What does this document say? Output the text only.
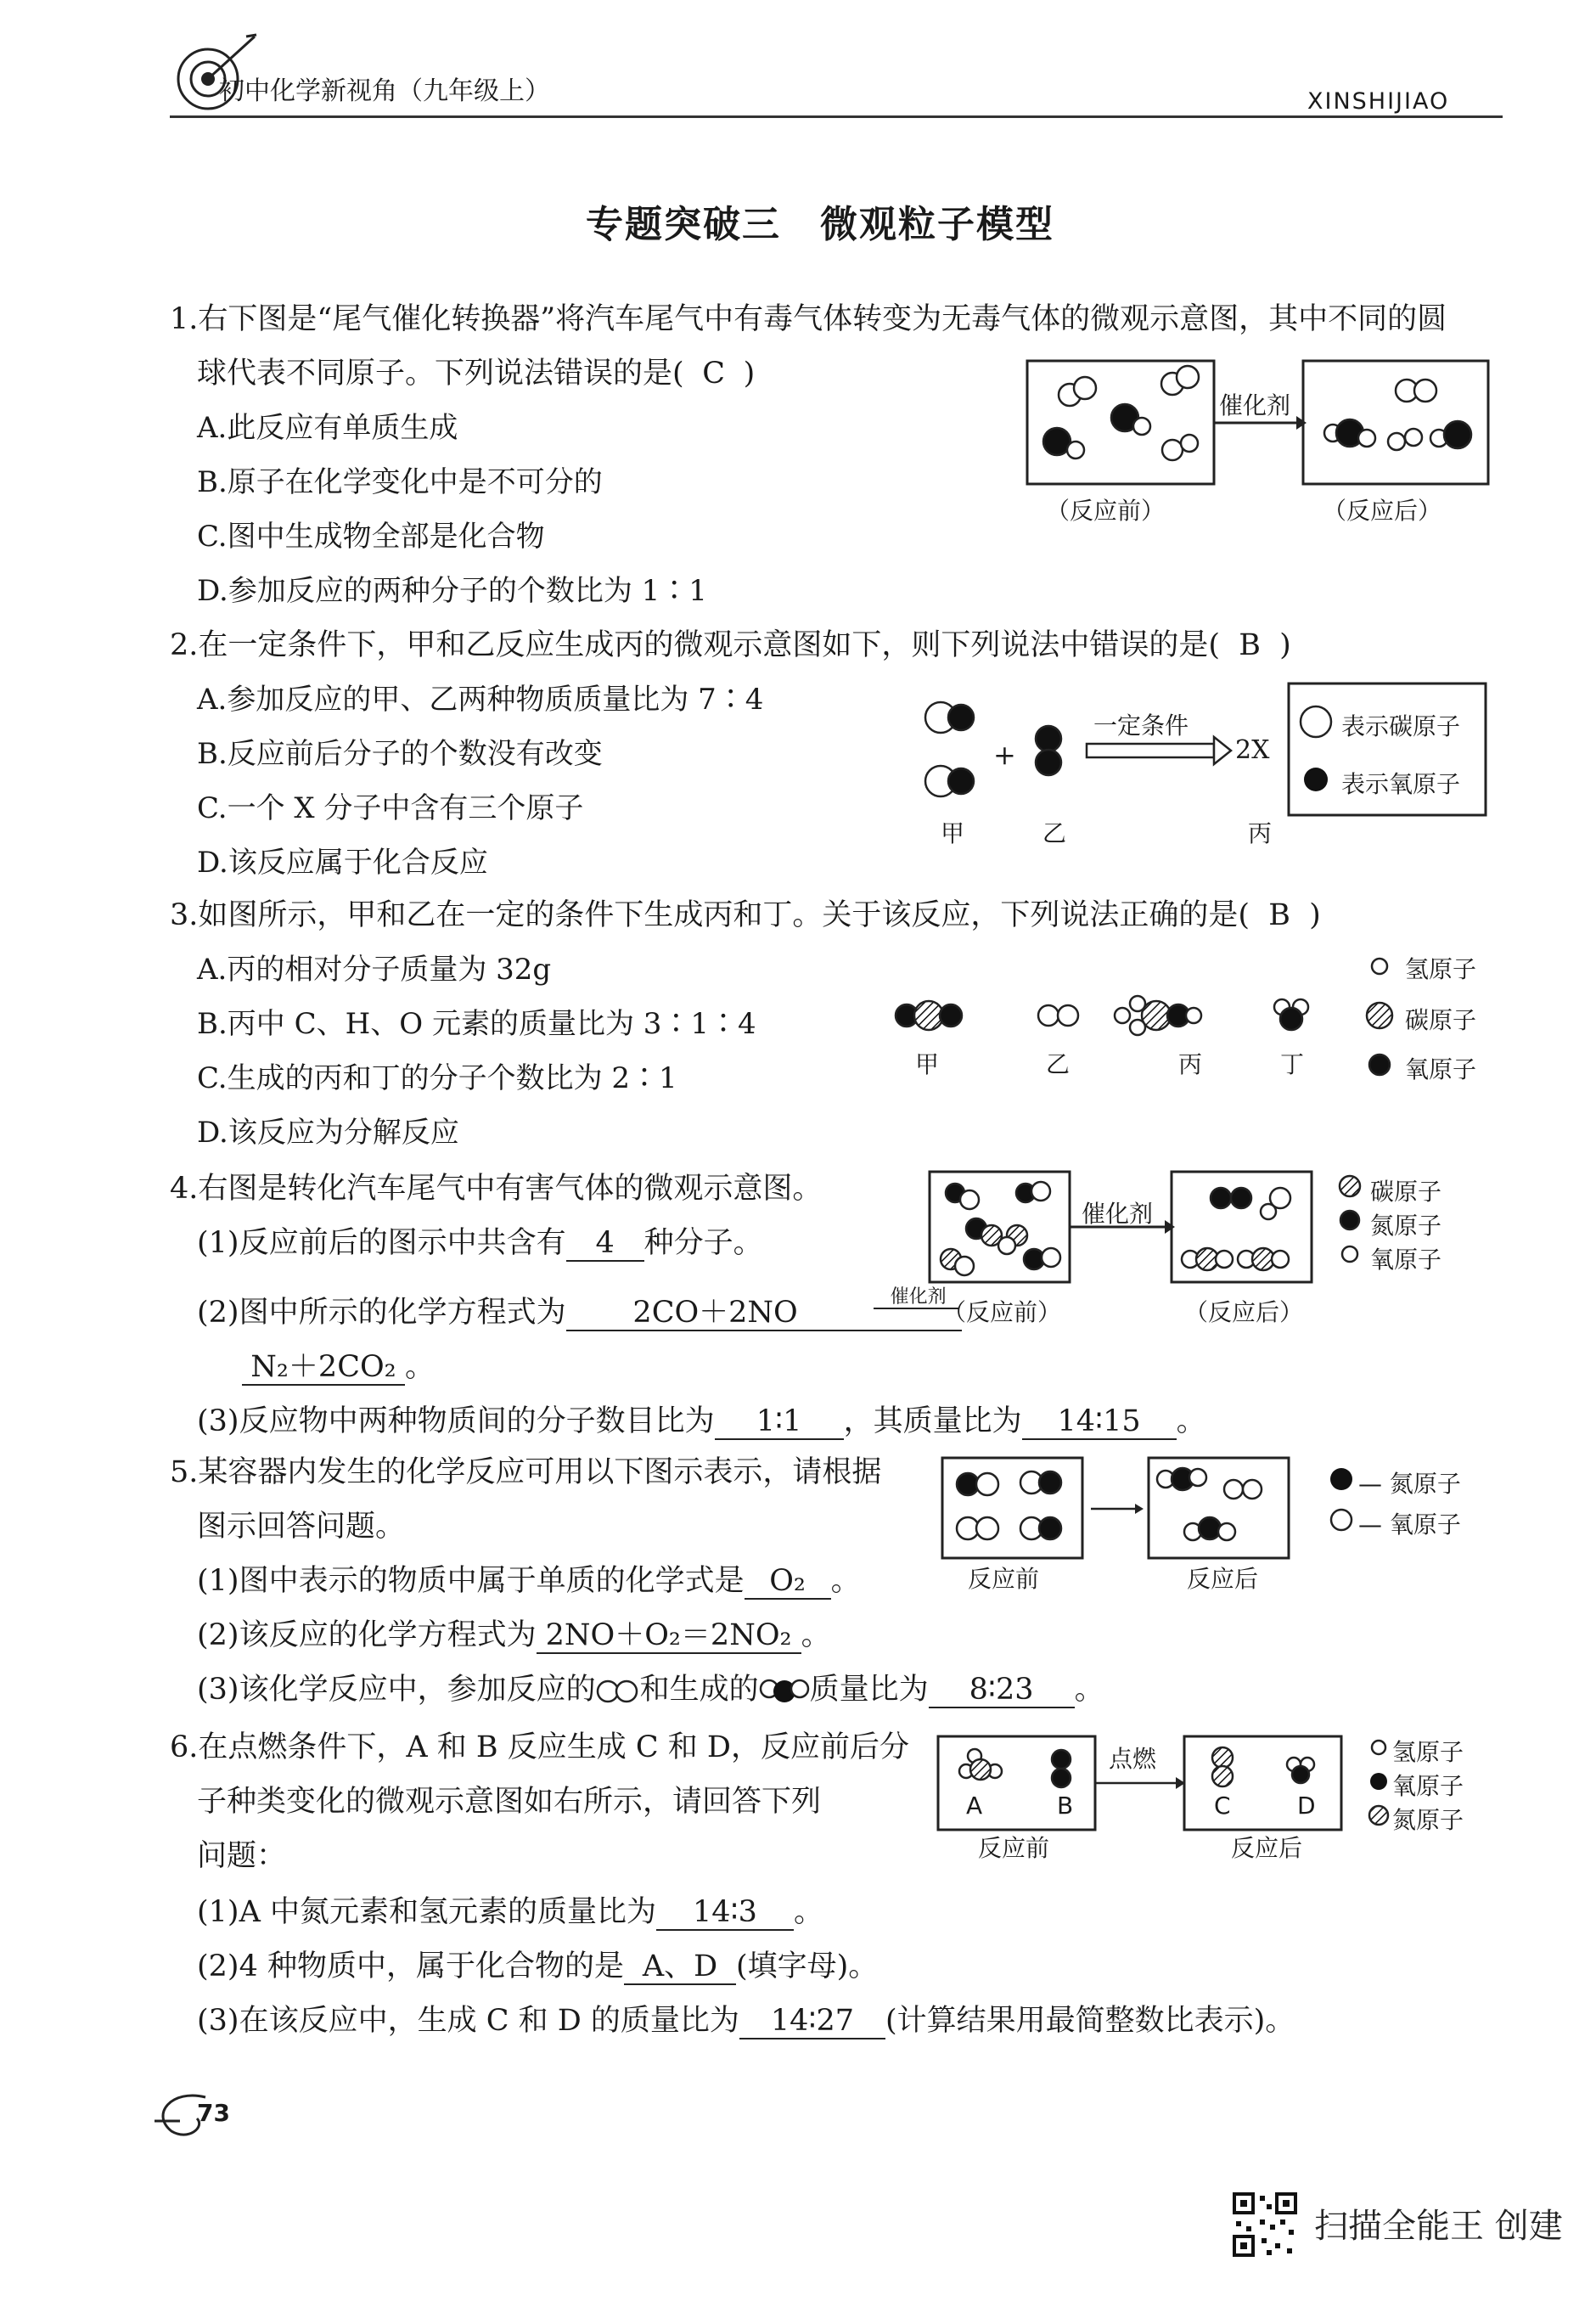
初中化学新视角（九年级上）	XINSHIJIAO
专题突破三　微观粒子模型
1.右下图是“尾气催化转换器”将汽车尾气中有毒气体转变为无毒气体的微观示意图，其中不同的圆
球代表不同原子。下列说法错误的是( C )
A.此反应有单质生成
B.原子在化学变化中是不可分的
C.图中生成物全部是化合物
D.参加反应的两种分子的个数比为 1∶1
催化剂
（反应前）	（反应后）
2.在一定条件下，甲和乙反应生成丙的微观示意图如下，则下列说法中错误的是( B )
A.参加反应的甲、乙两种物质质量比为 7∶4
B.反应前后分子的个数没有改变
C.一个 X 分子中含有三个原子
D.该反应属于化合反应
+
一定条件
2X
表示碳原子
表示氧原子
甲	乙	丙
3.如图所示，甲和乙在一定的条件下生成丙和丁。关于该反应，下列说法正确的是( B )
A.丙的相对分子质量为 32g
B.丙中 C、H、O 元素的质量比为 3∶1∶4
C.生成的丙和丁的分子个数比为 2∶1
D.该反应为分解反应
氢原子
碳原子
氧原子
甲	乙	丙	丁
4.右图是转化汽车尾气中有害气体的微观示意图。
(1)反应前后的图示中共含有 4 种分子。
(2)图中所示的化学方程式为 2CO＋2NO	催化剂
N₂＋2CO₂ 。
(3)反应物中两种物质间的分子数目比为 1∶1 ，其质量比为 14∶15 。
催化剂
（反应前）	（反应后）
碳原子
氮原子
氧原子
5.某容器内发生的化学反应可用以下图示表示，请根据
图示回答问题。
(1)图中表示的物质中属于单质的化学式是 O₂ 。
(2)该反应的化学方程式为 2NO＋O₂＝2NO₂ 。
(3)该化学反应中，参加反应的 和生成的 质量比为 8∶23 。
— 氮原子
— 氧原子
反应前	反应后
6.在点燃条件下，A 和 B 反应生成 C 和 D，反应前后分
子种类变化的微观示意图如右所示，请回答下列
问题：
(1)A 中氮元素和氢元素的质量比为 14∶3 。
(2)4 种物质中，属于化合物的是 A、D (填字母)。
(3)在该反应中，生成 C 和 D 的质量比为 14∶27 (计算结果用最简整数比表示)。
点燃
A	B	C	D
反应前	反应后
氢原子
氧原子
氮原子
73
扫描全能王 创建
